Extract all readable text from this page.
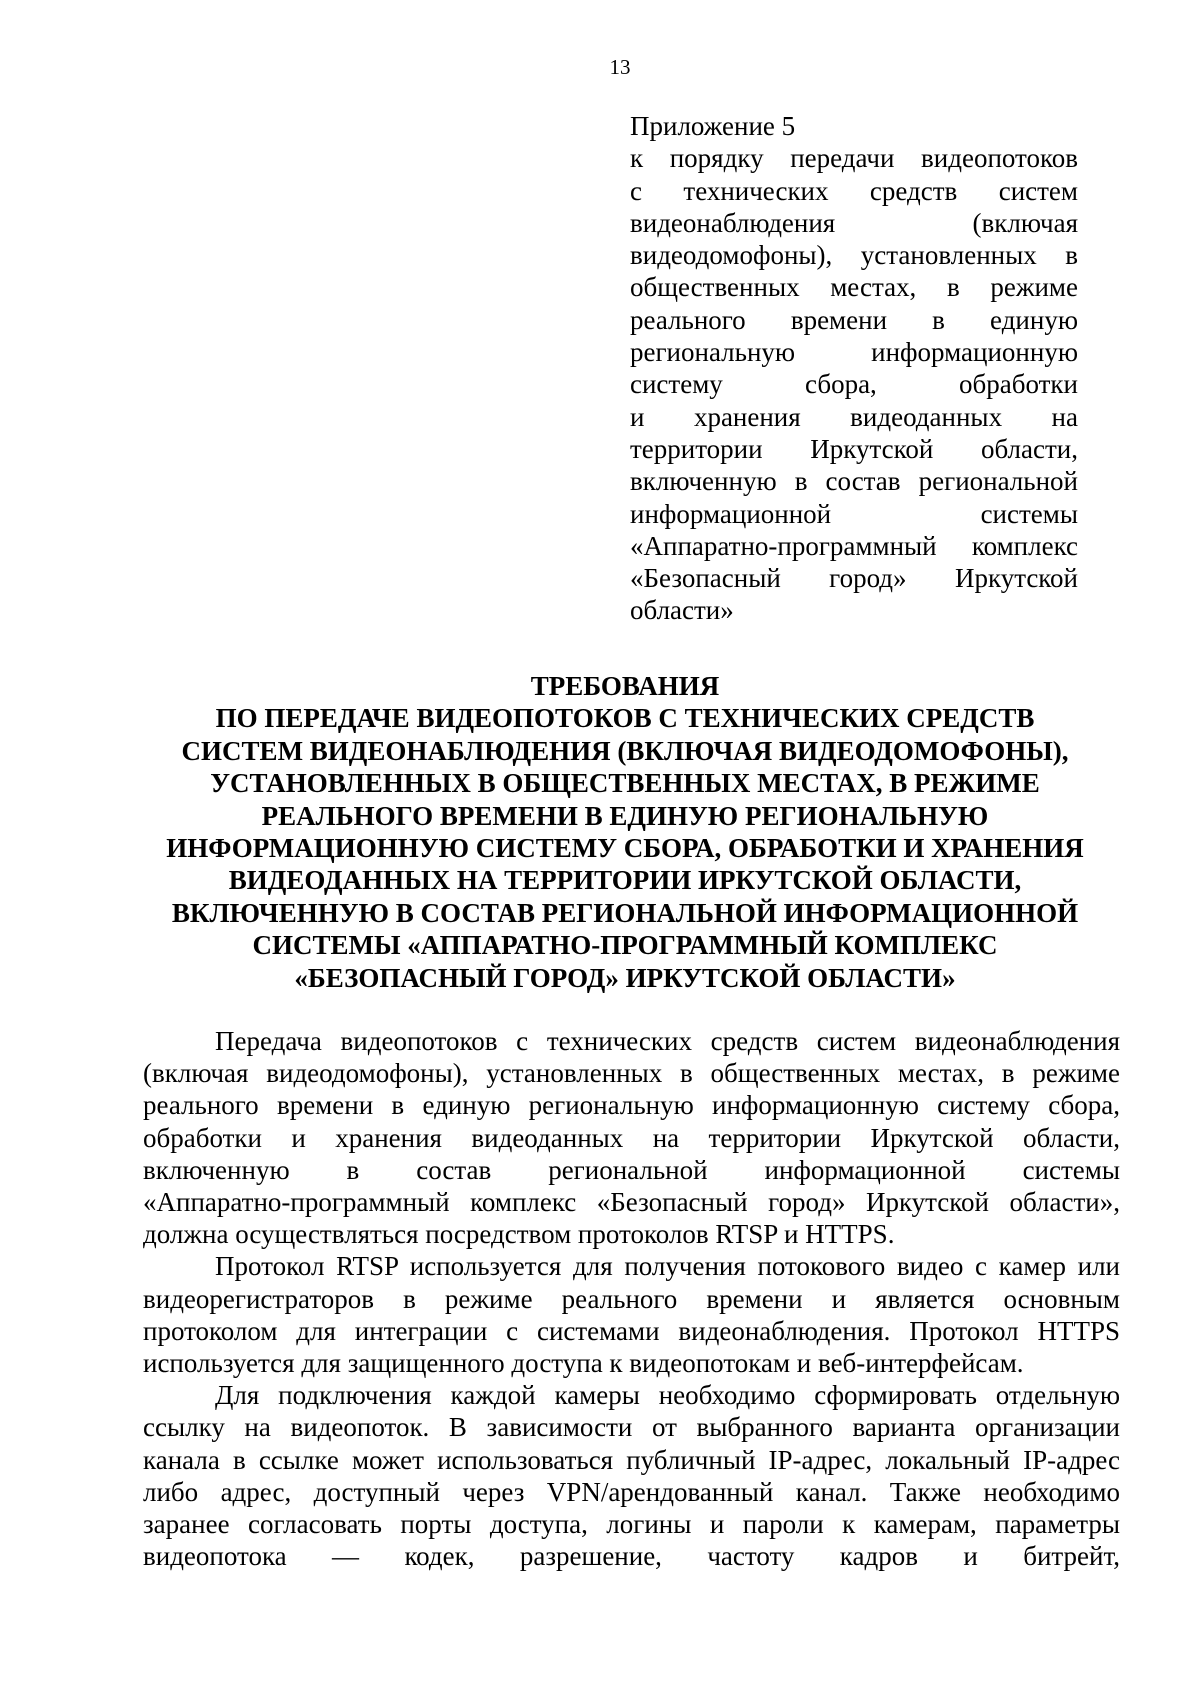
13
Приложение 5
к порядку передачи видеопотоков
с технических средств систем
видеонаблюдения (включая
видеодомофоны), установленных в
общественных местах, в режиме
реального времени в единую
региональную информационную
систему сбора, обработки
и хранения видеоданных на
территории Иркутской области,
включенную в состав региональной
информационной системы
«Аппаратно-программный комплекс
«Безопасный город» Иркутской
области»
ТРЕБОВАНИЯ
ПО ПЕРЕДАЧЕ ВИДЕОПОТОКОВ С ТЕХНИЧЕСКИХ СРЕДСТВ
СИСТЕМ ВИДЕОНАБЛЮДЕНИЯ (ВКЛЮЧАЯ ВИДЕОДОМОФОНЫ),
УСТАНОВЛЕННЫХ В ОБЩЕСТВЕННЫХ МЕСТАХ, В РЕЖИМЕ
РЕАЛЬНОГО ВРЕМЕНИ В ЕДИНУЮ РЕГИОНАЛЬНУЮ
ИНФОРМАЦИОННУЮ СИСТЕМУ СБОРА, ОБРАБОТКИ И ХРАНЕНИЯ
ВИДЕОДАННЫХ НА ТЕРРИТОРИИ ИРКУТСКОЙ ОБЛАСТИ,
ВКЛЮЧЕННУЮ В СОСТАВ РЕГИОНАЛЬНОЙ ИНФОРМАЦИОННОЙ
СИСТЕМЫ «АППАРАТНО-ПРОГРАММНЫЙ КОМПЛЕКС
«БЕЗОПАСНЫЙ ГОРОД» ИРКУТСКОЙ ОБЛАСТИ»
Передача видеопотоков с технических средств систем видеонаблюдения
(включая видеодомофоны), установленных в общественных местах, в режиме
реального времени в единую региональную информационную систему сбора,
обработки и хранения видеоданных на территории Иркутской области,
включенную в состав региональной информационной системы
«Аппаратно-программный комплекс «Безопасный город» Иркутской области»,
должна осуществляться посредством протоколов RTSP и HTTPS.
Протокол RTSP используется для получения потокового видео с камер или
видеорегистраторов в режиме реального времени и является основным
протоколом для интеграции с системами видеонаблюдения. Протокол HTTPS
используется для защищенного доступа к видеопотокам и веб-интерфейсам.
Для подключения каждой камеры необходимо сформировать отдельную
ссылку на видеопоток. В зависимости от выбранного варианта организации
канала в ссылке может использоваться публичный IP-адрес, локальный IP-адрес
либо адрес, доступный через VPN/арендованный канал. Также необходимо
заранее согласовать порты доступа, логины и пароли к камерам, параметры
видеопотока — кодек, разрешение, частоту кадров и битрейт,
